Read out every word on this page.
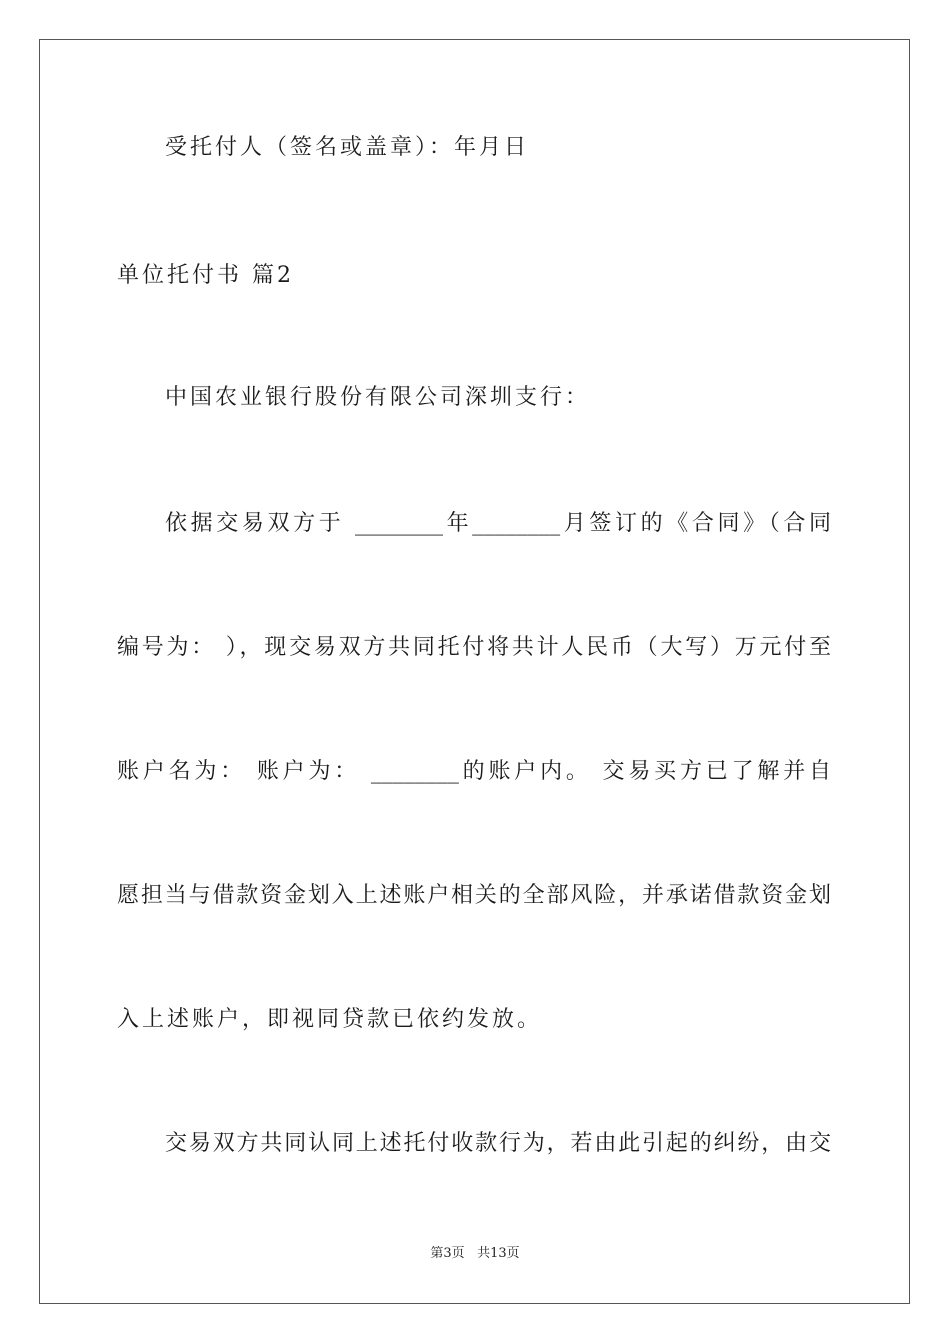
受托付人（签名或盖章）：年月日
单位托付书 篇2
中国农业银行股份有限公司深圳支行：
依据交易双方于 ________年________月签订的《合同》（合同
编号为： ），现交易双方共同托付将共计人民币（大写）万元付至
账户名为： 账户为： ________的账户内。 交易买方已了解并自
愿担当与借款资金划入上述账户相关的全部风险，并承诺借款资金划
入上述账户，即视同贷款已依约发放。
交易双方共同认同上述托付收款行为，若由此引起的纠纷，由交
第3页 共13页
